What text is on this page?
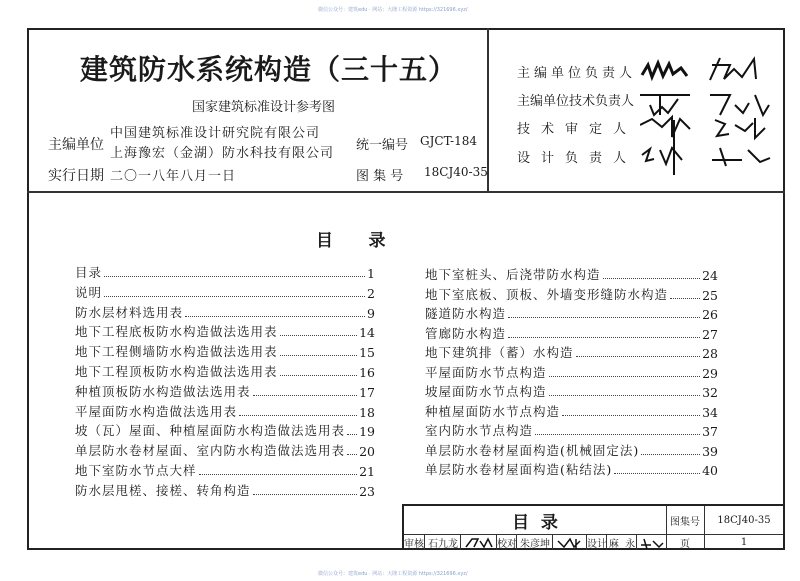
微信公众号：建筑edu · 网站：大隆工程资源 https://321696.xyz/
微信公众号：建筑edu · 网站：大隆工程资源 https://321696.xyz/
建筑防水系统构造（三十五）
国家建筑标准设计参考图
主编单位
中国建筑标准设计研究院有限公司
上海豫宏（金湖）防水科技有限公司
实行日期 二〇一八年八月一日
统一编号 GJCT-184
图 集 号 18CJ40-35
主编单位负责人
主编单位技术负责人
技术审定人
设计负责人
目      录
目录	1
说明	2
防水层材料选用表	9
地下工程底板防水构造做法选用表	14
地下工程侧墙防水构造做法选用表	15
地下工程顶板防水构造做法选用表	16
种植顶板防水构造做法选用表	17
平屋面防水构造做法选用表	18
坡（瓦）屋面、种植屋面防水构造做法选用表 19
单层防水卷材屋面、室内防水构造做法选用表 20
地下室防水节点大样	21
防水层甩槎、接槎、转角构造	23
地下室桩头、后浇带防水构造	24
地下室底板、顶板、外墙变形缝防水构造	25
隧道防水构造	26
管廊防水构造	27
地下建筑排（蓄）水构造	28
平屋面防水节点构造	29
坡屋面防水节点构造	32
种植屋面防水节点构造	34
室内防水节点构造	37
单层防水卷材屋面构造(机械固定法)	39
单层防水卷材屋面构造(粘结法)	40
目  录	图集号	18CJ40-35
审核 石九龙	校对 朱彦坤	设计 麻  永	页	1
